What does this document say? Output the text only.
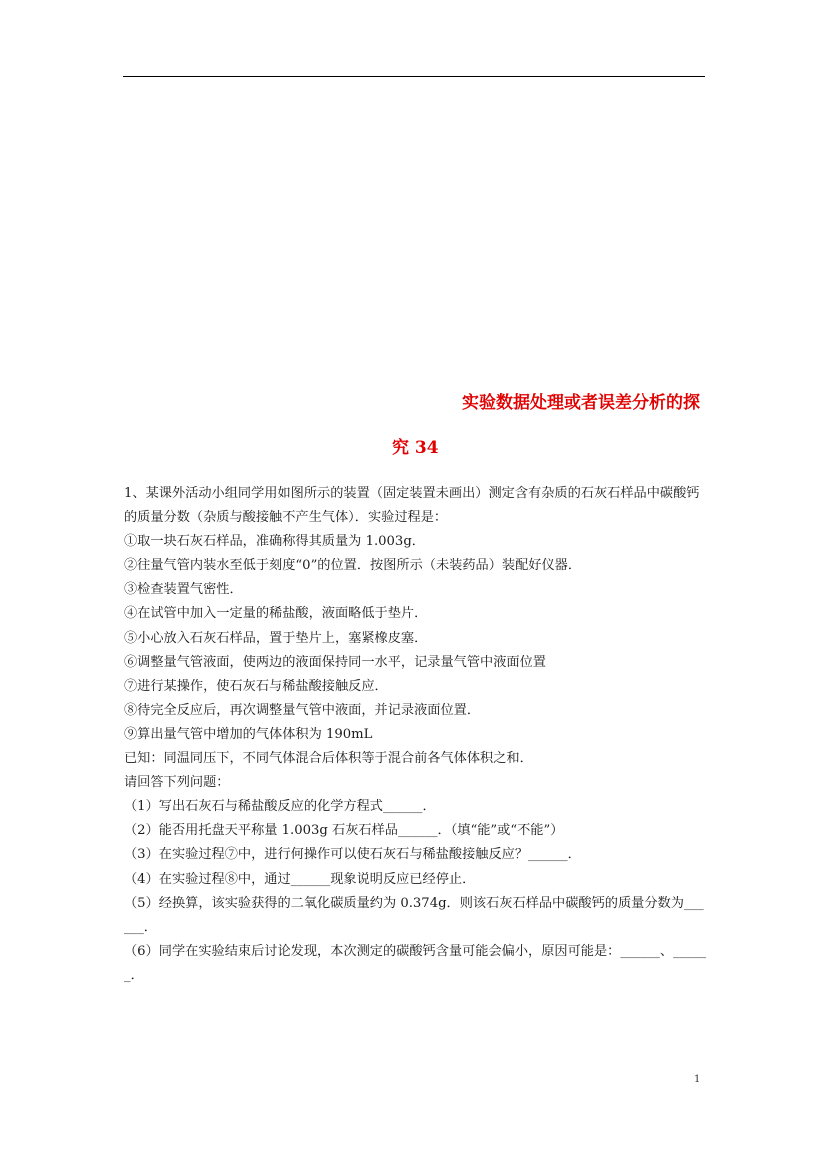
实验数据处理或者误差分析的探
究 34

1、某课外活动小组同学用如图所示的装置（固定装置未画出）测定含有杂质的石灰石样品中碳酸钙的质量分数（杂质与酸接触不产生气体）．实验过程是：

①取一块石灰石样品，准确称得其质量为 1.003g．

②往量气管内装水至低于刻度“0”的位置．按图所示（未装药品）装配好仪器．

③检查装置气密性．

④在试管中加入一定量的稀盐酸，液面略低于垫片．

⑤小心放入石灰石样品，置于垫片上，塞紧橡皮塞．

⑥调整量气管液面，使两边的液面保持同一水平，记录量气管中液面位置

⑦进行某操作，使石灰石与稀盐酸接触反应．

⑧待完全反应后，再次调整量气管中液面，并记录液面位置．

⑨算出量气管中增加的气体体积为 190mL

已知：同温同压下，不同气体混合后体积等于混合前各气体体积之和．

请回答下列问题：

（1）写出石灰石与稀盐酸反应的化学方程式______．

（2）能否用托盘天平称量 1.003g 石灰石样品______．（填“能”或“不能”）

（3）在实验过程⑦中，进行何操作可以使石灰石与稀盐酸接触反应？______．

（4）在实验过程⑧中，通过______现象说明反应已经停止．

（5）经换算，该实验获得的二氧化碳质量约为 0.374g．则该石灰石样品中碳酸钙的质量分数为______．

（6）同学在实验结束后讨论发现，本次测定的碳酸钙含量可能会偏小，原因可能是：______、______．

1
